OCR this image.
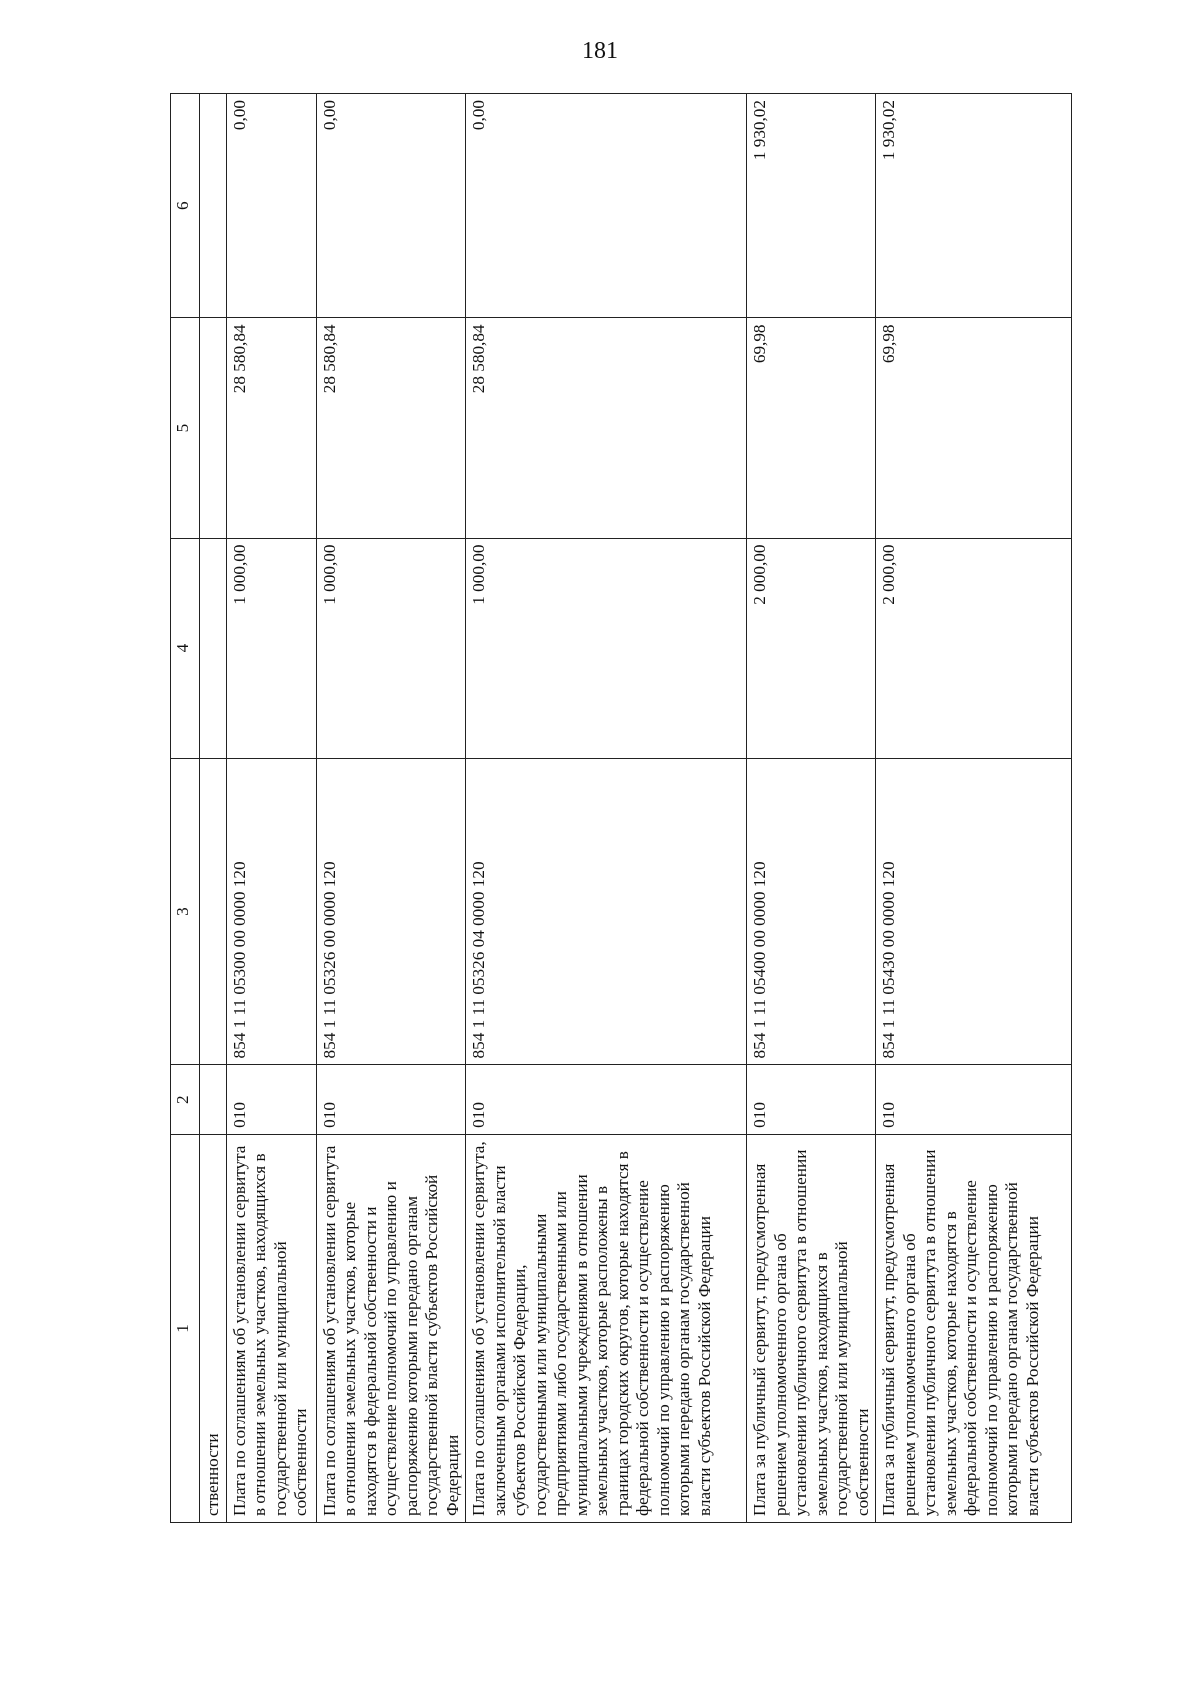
181
1	2	3	4	5	6
ственности					
Плата по соглашениям об установлении сервитута в отношении земельных участков, находящихся в государственной или муниципальной собственности	010	854 1 11 05300 00 0000 120	1 000,00	28 580,84	0,00
Плата по соглашениям об установлении сервитута в отношении земельных участков, которые находятся в федеральной собственности и осуществление полномочий по управлению и распоряжению которыми передано органам государственной власти субъектов Российской Федерации	010	854 1 11 05326 00 0000 120	1 000,00	28 580,84	0,00
Плата по соглашениям об установлении сервитута, заключенным органами исполнительной власти субъектов Российской Федерации, государственными или муниципальными предприятиями либо государственными или муниципальными учреждениями в отношении земельных участков, которые расположены в границах городских округов, которые находятся в федеральной собственности и осуществление полномочий по управлению и распоряжению которыми передано органам государственной власти субъектов Российской Федерации	010	854 1 11 05326 04 0000 120	1 000,00	28 580,84	0,00
Плата за публичный сервитут, предусмотренная решением уполномоченного органа об установлении публичного сервитута в отношении земельных участков, находящихся в государственной или муниципальной собственности	010	854 1 11 05400 00 0000 120	2 000,00	69,98	1 930,02
Плата за публичный сервитут, предусмотренная решением уполномоченного органа об установлении публичного сервитута в отношении земельных участков, которые находятся в федеральной собственности и осуществление полномочий по управлению и распоряжению которыми передано органам государственной власти субъектов Российской Федерации	010	854 1 11 05430 00 0000 120	2 000,00	69,98	1 930,02
